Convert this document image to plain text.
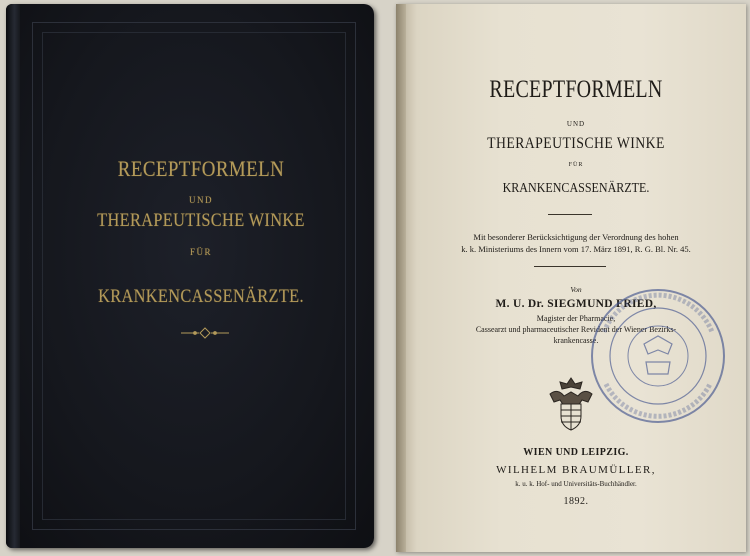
RECEPTFORMELN
UND
THERAPEUTISCHE WINKE
FÜR
KRANKENCASSENÄRZTE.
RECEPTFORMELN
UND
THERAPEUTISCHE WINKE
FÜR
KRANKENCASSENÄRZTE.
Mit besonderer Berücksichtigung der Verordnung des hohen
k. k. Ministeriums des Innern vom 17. März 1891, R. G. Bl. Nr. 45.
Von
M. U. Dr. SIEGMUND FRIED,
Magister der Pharmacie,
Cassearzt und pharmaceutischer Revident der Wiener Bezirks-
krankencasse.
WIEN UND LEIPZIG.
WILHELM BRAUMÜLLER,
k. u. k. Hof- und Universitäts-Buchhändler.
1892.
